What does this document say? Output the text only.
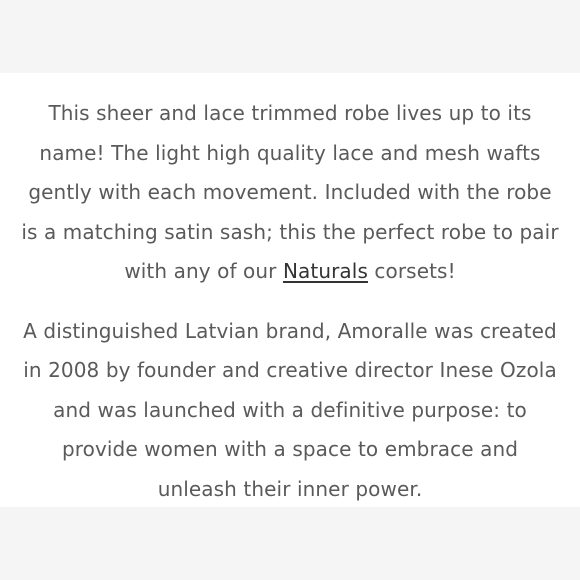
This sheer and lace trimmed robe lives up to its name! The light high quality lace and mesh wafts gently with each movement. Included with the robe is a matching satin sash; this the perfect robe to pair with any of our Naturals corsets!

A distinguished Latvian brand, Amoralle was created in 2008 by founder and creative director Inese Ozola and was launched with a definitive purpose: to provide women with a space to embrace and unleash their inner power.
